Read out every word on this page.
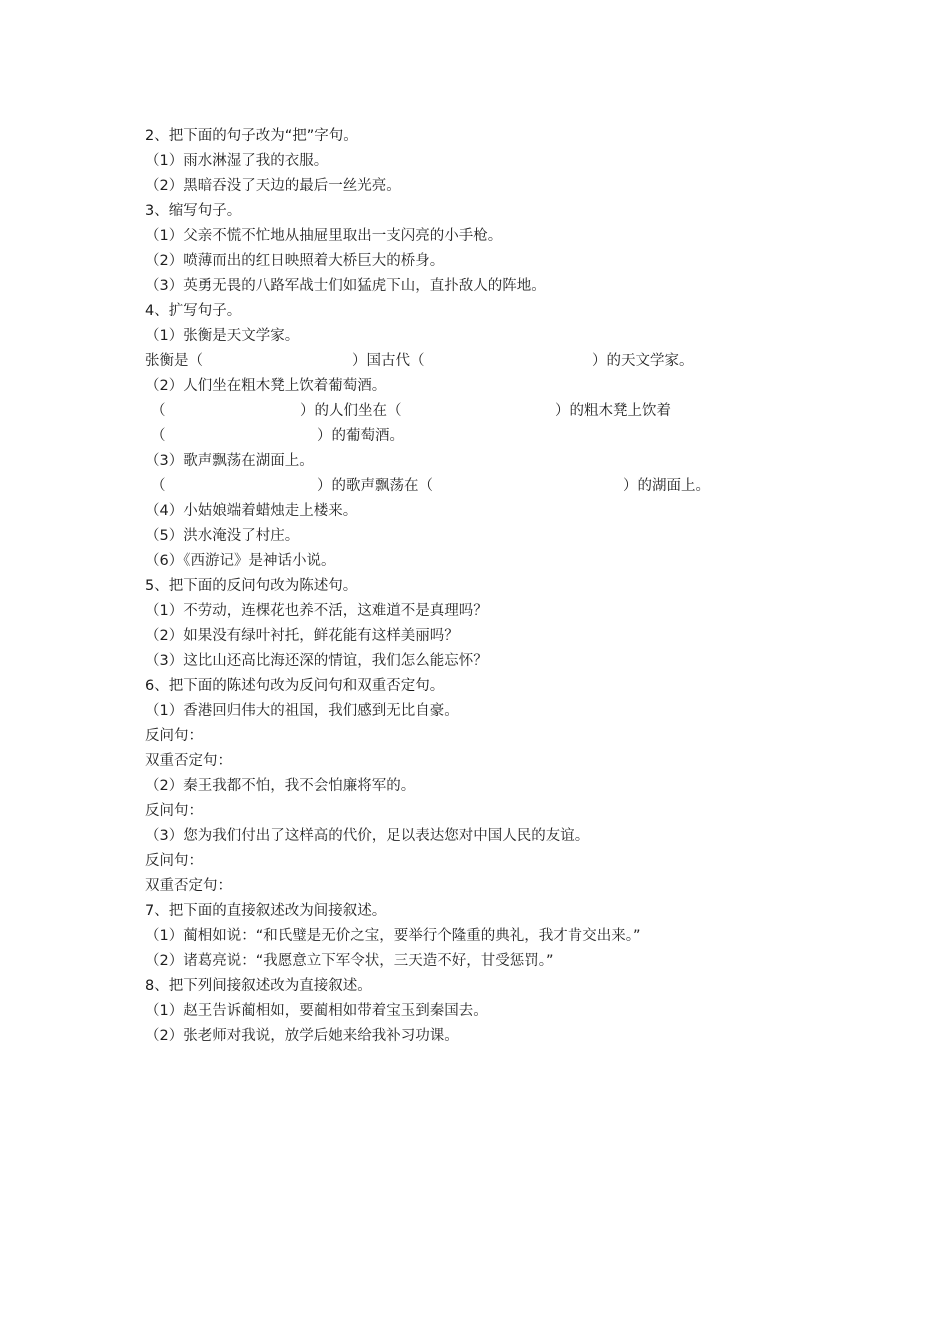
2、把下面的句子改为“把”字句。
（1）雨水淋湿了我的衣服。
（2）黑暗吞没了天边的最后一丝光亮。
3、缩写句子。
（1）父亲不慌不忙地从抽屉里取出一支闪亮的小手枪。
（2）喷薄而出的红日映照着大桥巨大的桥身。
（3）英勇无畏的八路军战士们如猛虎下山，直扑敌人的阵地。
4、扩写句子。
（1）张衡是天文学家。

张衡是（

	）国古代（

	）的天文学家。

（2）人们坐在粗木凳上饮着葡萄酒。

（

	）的人们坐在（

	）的粗木凳上饮着

（

	）的葡萄酒。

（3）歌声飘荡在湖面上。

（

	）的歌声飘荡在（

	）的湖面上。

（4）小姑娘端着蜡烛走上楼来。
（5）洪水淹没了村庄。
（6）《西游记》是神话小说。
5、把下面的反问句改为陈述句。
（1）不劳动，连棵花也养不活，这难道不是真理吗？
（2）如果没有绿叶衬托，鲜花能有这样美丽吗？
（3）这比山还高比海还深的情谊，我们怎么能忘怀？
6、把下面的陈述句改为反问句和双重否定句。
（1）香港回归伟大的祖国，我们感到无比自豪。
反问句：
双重否定句：
（2）秦王我都不怕，我不会怕廉将军的。
反问句：
（3）您为我们付出了这样高的代价，足以表达您对中国人民的友谊。
反问句：
双重否定句：
7、把下面的直接叙述改为间接叙述。
（1）蔺相如说：“和氏璧是无价之宝，要举行个隆重的典礼，我才肯交出来。”
（2）诸葛亮说：“我愿意立下军令状，三天造不好，甘受惩罚。”
8、把下列间接叙述改为直接叙述。
（1）赵王告诉蔺相如，要蔺相如带着宝玉到秦国去。
（2）张老师对我说，放学后她来给我补习功课。
